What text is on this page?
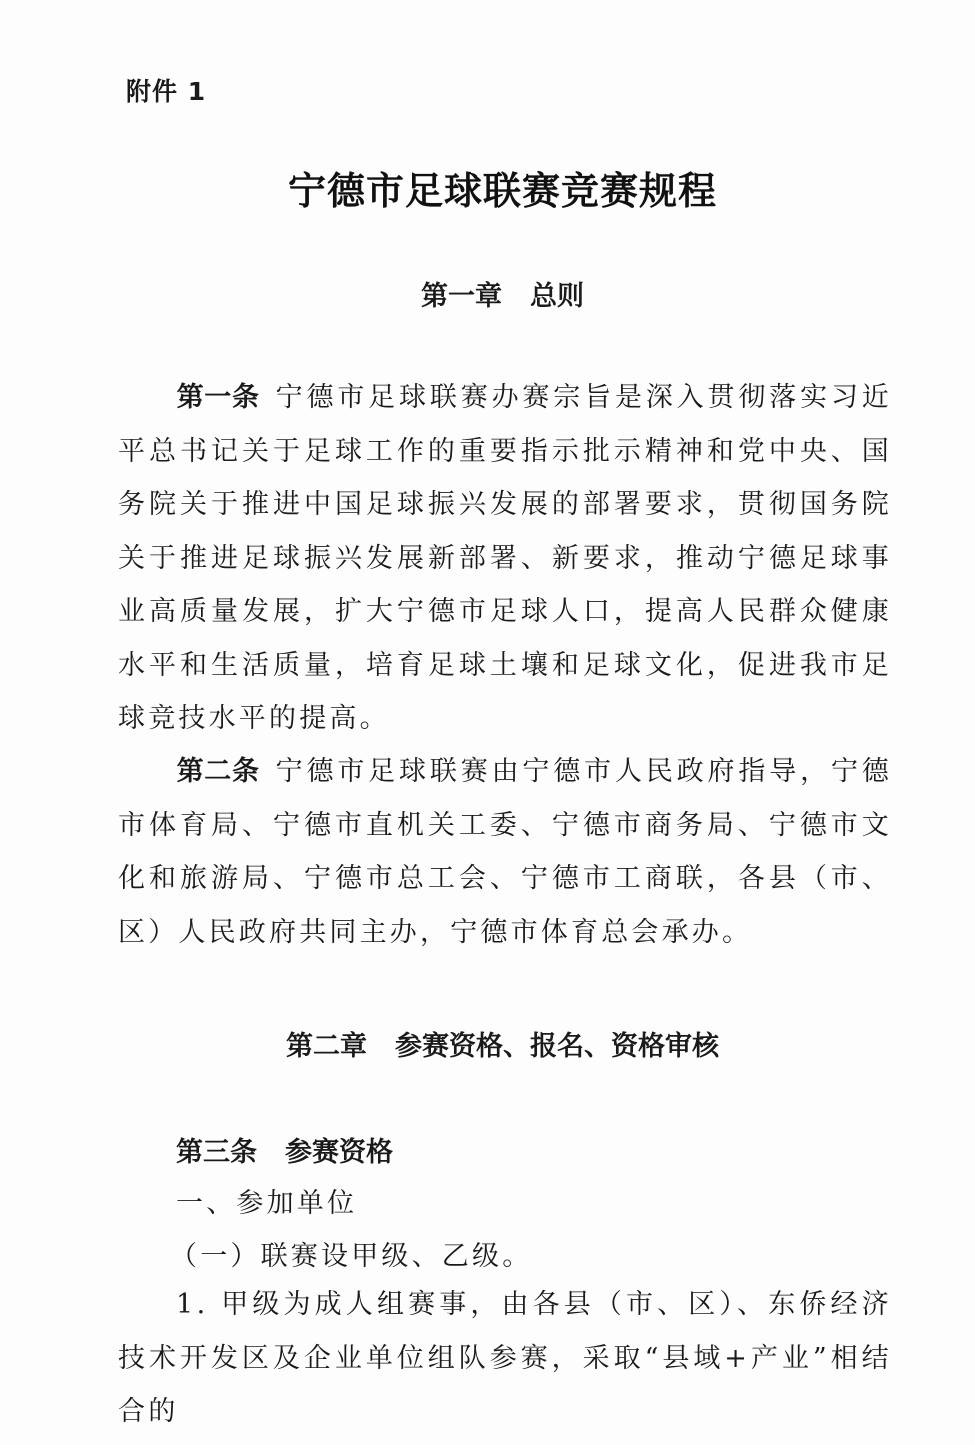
附件 1
宁德市足球联赛竞赛规程
第一章 总则
第一条 宁德市足球联赛办赛宗旨是深入贯彻落实习近平总书记关于足球工作的重要指示批示精神和党中央、国务院关于推进中国足球振兴发展的部署要求，贯彻国务院关于推进足球振兴发展新部署、新要求，推动宁德足球事业高质量发展，扩大宁德市足球人口，提高人民群众健康水平和生活质量，培育足球土壤和足球文化，促进我市足球竞技水平的提高。
第二条 宁德市足球联赛由宁德市人民政府指导，宁德市体育局、宁德市直机关工委、宁德市商务局、宁德市文化和旅游局、宁德市总工会、宁德市工商联，各县（市、区）人民政府共同主办，宁德市体育总会承办。
第二章 参赛资格、报名、资格审核
第三条 参赛资格
一、参加单位
（一）联赛设甲级、乙级。
1. 甲级为成人组赛事，由各县（市、区）、东侨经济技术开发区及企业单位组队参赛，采取“县域+产业”相结合的
